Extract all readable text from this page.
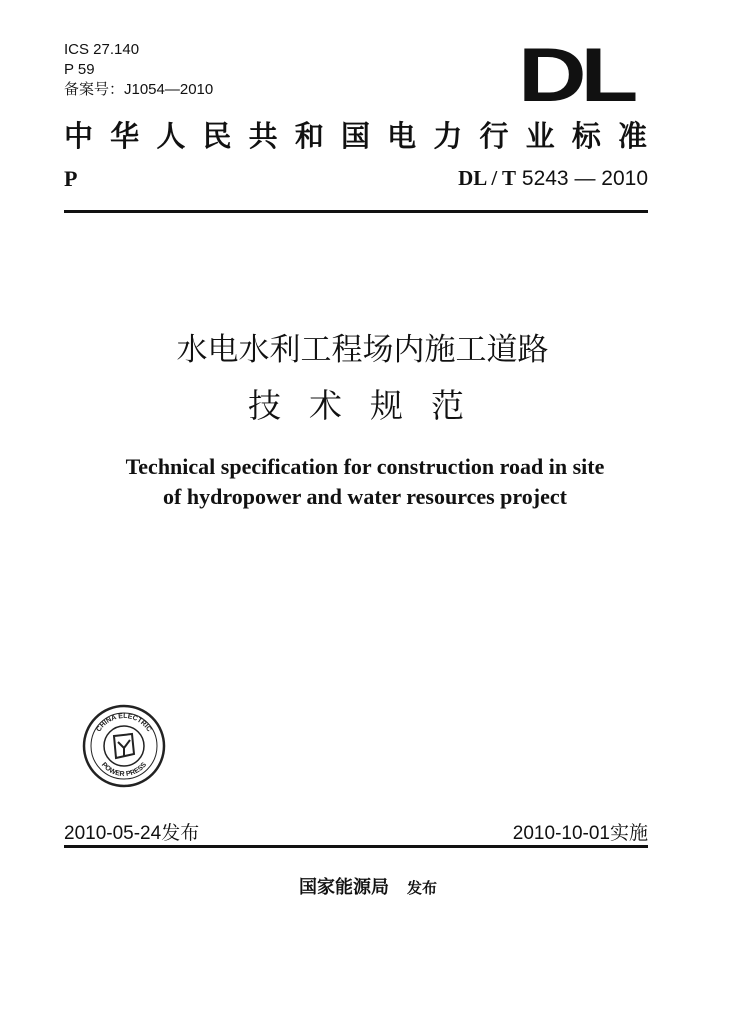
ICS 27.140
P 59
备案号：J1054—2010	DL
中华人民共和国电力行业标准
P	DL / T 5243 — 2010
水电水利工程场内施工道路
技术规范
Technical specification for construction road in site
of hydropower and water resources project
CHINA ELECTRIC
POWER PRESS
2010-05-24发布	2010-10-01实施
国家能源局 发布
